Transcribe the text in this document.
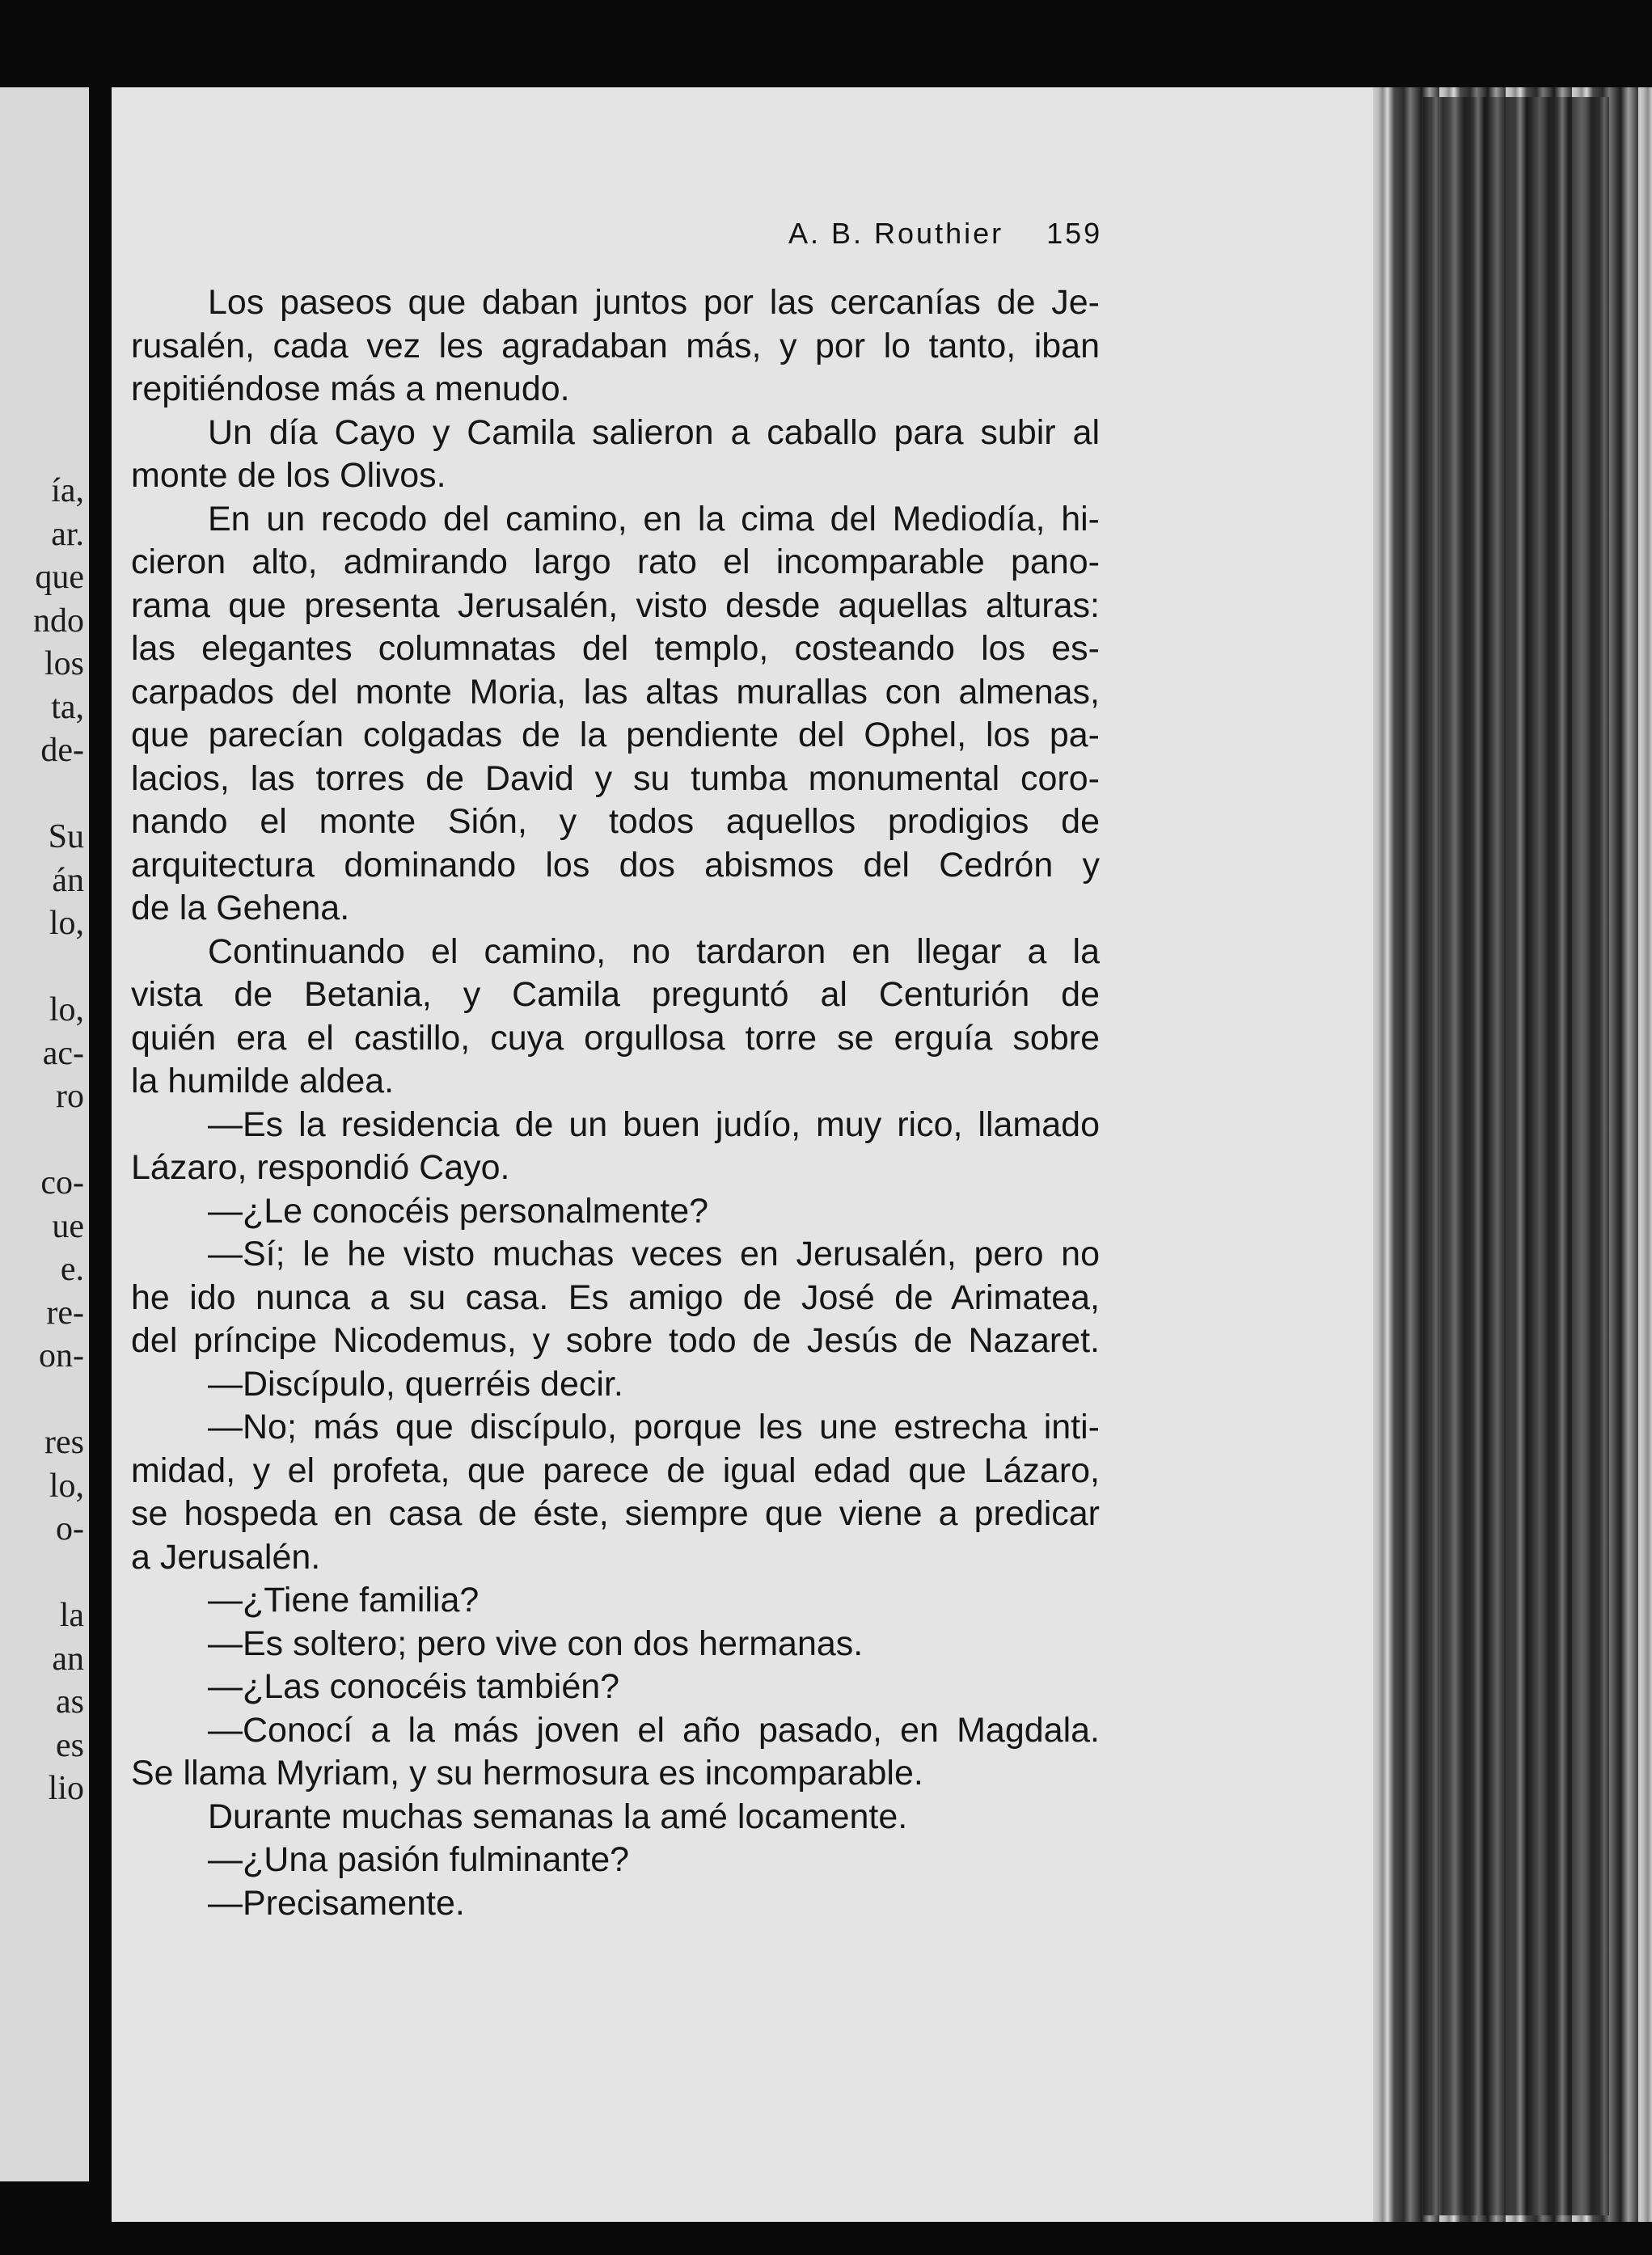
ía,
ar.
que
ndo
los
ta,
de-
Su
án
lo,
lo,
ac-
ro
co-
ue
e.
re-
on-
res
lo,
o-
la
an
as
es
lio
A. B. Routhier 159
Los paseos que daban juntos por las cercanías de Je-
rusalén, cada vez les agradaban más, y por lo tanto, iban
repitiéndose más a menudo.
Un día Cayo y Camila salieron a caballo para subir al
monte de los Olivos.
En un recodo del camino, en la cima del Mediodía, hi-
cieron alto, admirando largo rato el incomparable pano-
rama que presenta Jerusalén, visto desde aquellas alturas:
las elegantes columnatas del templo, costeando los es-
carpados del monte Moria, las altas murallas con almenas,
que parecían colgadas de la pendiente del Ophel, los pa-
lacios, las torres de David y su tumba monumental coro-
nando el monte Sión, y todos aquellos prodigios de
arquitectura dominando los dos abismos del Cedrón y
de la Gehena.
Continuando el camino, no tardaron en llegar a la
vista de Betania, y Camila preguntó al Centurión de
quién era el castillo, cuya orgullosa torre se erguía sobre
la humilde aldea.
—Es la residencia de un buen judío, muy rico, llamado
Lázaro, respondió Cayo.
—¿Le conocéis personalmente?
—Sí; le he visto muchas veces en Jerusalén, pero no
he ido nunca a su casa. Es amigo de José de Arimatea,
del príncipe Nicodemus, y sobre todo de Jesús de Nazaret.
—Discípulo, querréis decir.
—No; más que discípulo, porque les une estrecha inti-
midad, y el profeta, que parece de igual edad que Lázaro,
se hospeda en casa de éste, siempre que viene a predicar
a Jerusalén.
—¿Tiene familia?
—Es soltero; pero vive con dos hermanas.
—¿Las conocéis también?
—Conocí a la más joven el año pasado, en Magdala.
Se llama Myriam, y su hermosura es incomparable.
Durante muchas semanas la amé locamente.
—¿Una pasión fulminante?
—Precisamente.
